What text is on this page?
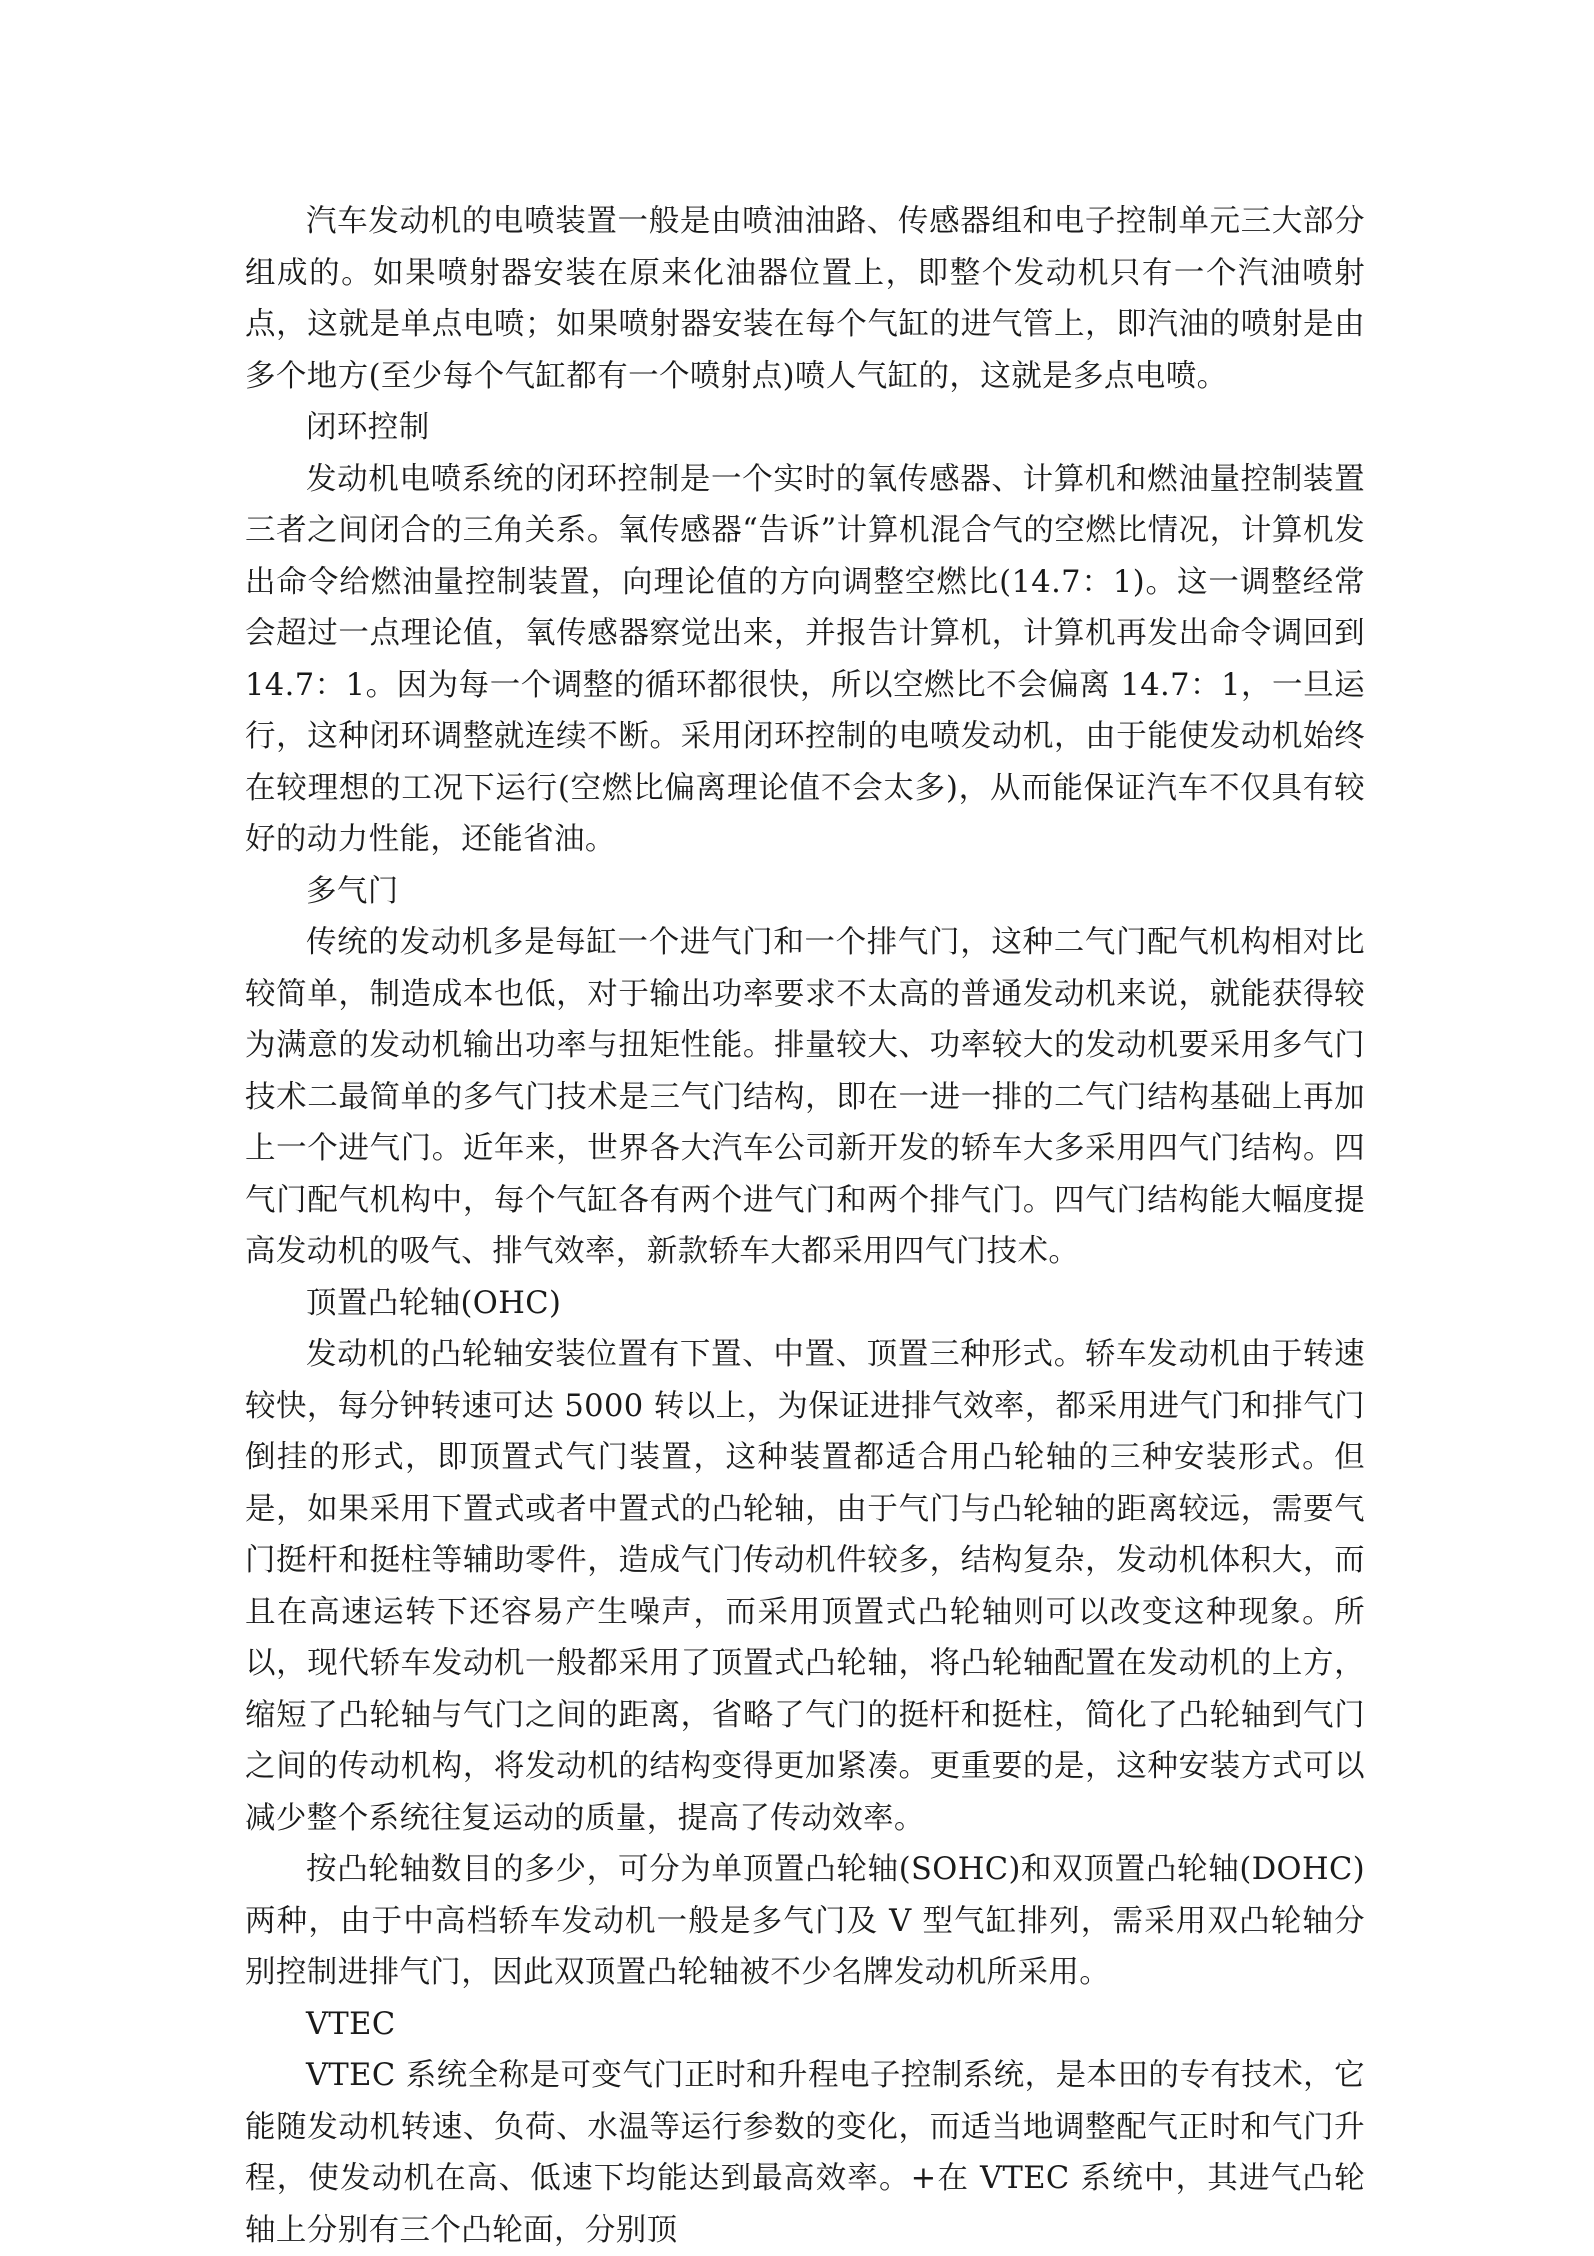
汽车发动机的电喷装置一般是由喷油油路、传感器组和电子控制单元三大部分组成的。如果喷射器安装在原来化油器位置上，即整个发动机只有一个汽油喷射点，这就是单点电喷；如果喷射器安装在每个气缸的进气管上，即汽油的喷射是由多个地方(至少每个气缸都有一个喷射点)喷人气缸的，这就是多点电喷。

闭环控制

发动机电喷系统的闭环控制是一个实时的氧传感器、计算机和燃油量控制装置三者之间闭合的三角关系。氧传感器“告诉”计算机混合气的空燃比情况，计算机发出命令给燃油量控制装置，向理论值的方向调整空燃比(14.7：1)。这一调整经常会超过一点理论值，氧传感器察觉出来，并报告计算机，计算机再发出命令调回到 14.7：1。因为每一个调整的循环都很快，所以空燃比不会偏离 14.7：1，一旦运行，这种闭环调整就连续不断。采用闭环控制的电喷发动机，由于能使发动机始终在较理想的工况下运行(空燃比偏离理论值不会太多)，从而能保证汽车不仅具有较好的动力性能，还能省油。

多气门

传统的发动机多是每缸一个进气门和一个排气门，这种二气门配气机构相对比较简单，制造成本也低，对于输出功率要求不太高的普通发动机来说，就能获得较为满意的发动机输出功率与扭矩性能。排量较大、功率较大的发动机要采用多气门技术二最简单的多气门技术是三气门结构，即在一进一排的二气门结构基础上再加上一个进气门。近年来，世界各大汽车公司新开发的轿车大多采用四气门结构。四气门配气机构中，每个气缸各有两个进气门和两个排气门。四气门结构能大幅度提高发动机的吸气、排气效率，新款轿车大都采用四气门技术。

顶置凸轮轴(OHC)

发动机的凸轮轴安装位置有下置、中置、顶置三种形式。轿车发动机由于转速较快，每分钟转速可达 5000 转以上，为保证进排气效率，都采用进气门和排气门倒挂的形式，即顶置式气门装置，这种装置都适合用凸轮轴的三种安装形式。但是，如果采用下置式或者中置式的凸轮轴，由于气门与凸轮轴的距离较远，需要气门挺杆和挺柱等辅助零件，造成气门传动机件较多，结构复杂，发动机体积大，而且在高速运转下还容易产生噪声，而采用顶置式凸轮轴则可以改变这种现象。所以，现代轿车发动机一般都采用了顶置式凸轮轴，将凸轮轴配置在发动机的上方，缩短了凸轮轴与气门之间的距离，省略了气门的挺杆和挺柱，简化了凸轮轴到气门之间的传动机构，将发动机的结构变得更加紧凑。更重要的是，这种安装方式可以减少整个系统往复运动的质量，提高了传动效率。

按凸轮轴数目的多少，可分为单顶置凸轮轴(SOHC)和双顶置凸轮轴(DOHC)两种，由于中高档轿车发动机一般是多气门及 V 型气缸排列，需采用双凸轮轴分别控制进排气门，因此双顶置凸轮轴被不少名牌发动机所采用。

VTEC

VTEC 系统全称是可变气门正时和升程电子控制系统，是本田的专有技术，它能随发动机转速、负荷、水温等运行参数的变化，而适当地调整配气正时和气门升程，使发动机在高、低速下均能达到最高效率。+在 VTEC 系统中，其进气凸轮轴上分别有三个凸轮面，分别顶
